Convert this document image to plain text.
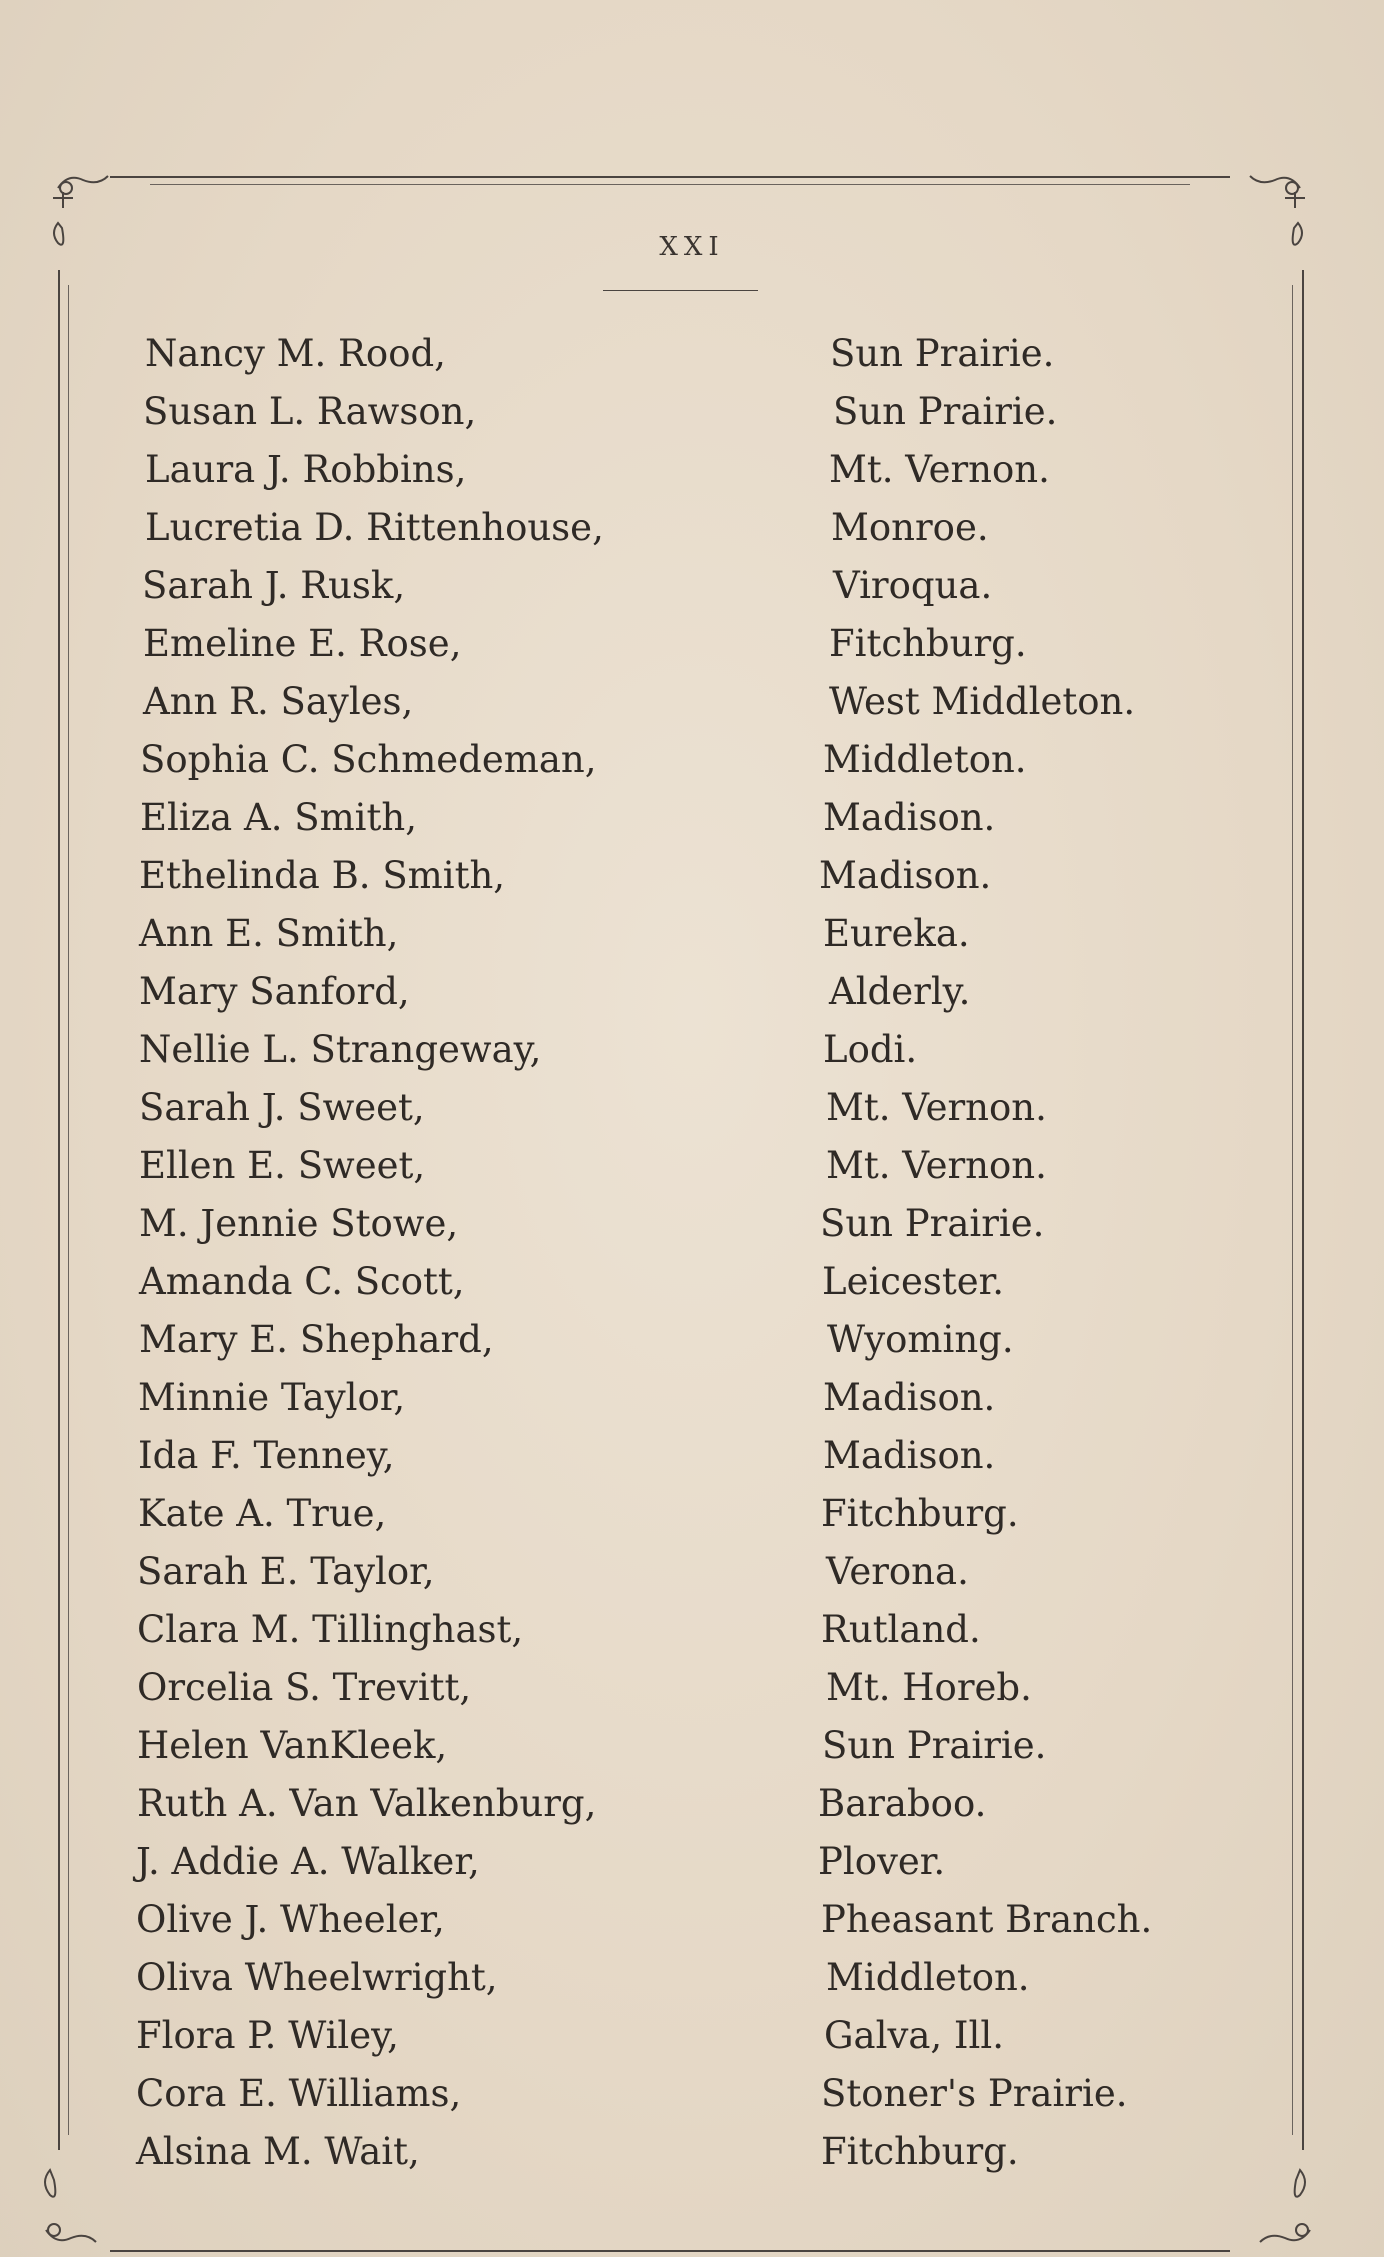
XXI
Nancy M. Rood,	Sun Prairie.
Susan L. Rawson,	Sun Prairie.
Laura J. Robbins,	Mt. Vernon.
Lucretia D. Rittenhouse,	Monroe.
Sarah J. Rusk,	Viroqua.
Emeline E. Rose,	Fitchburg.
Ann R. Sayles,	West Middleton.
Sophia C. Schmedeman,	Middleton.
Eliza A. Smith,	Madison.
Ethelinda B. Smith,	Madison.
Ann E. Smith,	Eureka.
Mary Sanford,	Alderly.
Nellie L. Strangeway,	Lodi.
Sarah J. Sweet,	Mt. Vernon.
Ellen E. Sweet,	Mt. Vernon.
M. Jennie Stowe,	Sun Prairie.
Amanda C. Scott,	Leicester.
Mary E. Shephard,	Wyoming.
Minnie Taylor,	Madison.
Ida F. Tenney,	Madison.
Kate A. True,	Fitchburg.
Sarah E. Taylor,	Verona.
Clara M. Tillinghast,	Rutland.
Orcelia S. Trevitt,	Mt. Horeb.
Helen VanKleek,	Sun Prairie.
Ruth A. Van Valkenburg,	Baraboo.
J. Addie A. Walker,	Plover.
Olive J. Wheeler,	Pheasant Branch.
Oliva Wheelwright,	Middleton.
Flora P. Wiley,	Galva, Ill.
Cora E. Williams,	Stoner's Prairie.
Alsina M. Wait,	Fitchburg.
